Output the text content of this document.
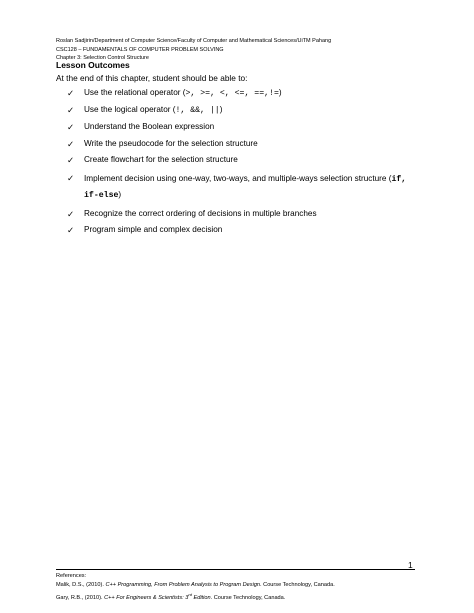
Roslan Sadjirin/Department of Computer Science/Faculty of Computer and Mathematical Sciences/UiTM Pahang
CSC128 – FUNDAMENTALS OF COMPUTER PROBLEM SOLVING
Chapter 3: Selection Control Structure
Lesson Outcomes
At the end of this chapter, student should be able to:
✓ Use the relational operator (>, >=, <, <=, ==,!=)
✓ Use the logical operator (!, &&, ||)
✓ Understand the Boolean expression
✓ Write the pseudocode for the selection structure
✓ Create flowchart for the selection structure
✓ Implement decision using one-way, two-ways, and multiple-ways selection structure (if, if-else)
✓ Recognize the correct ordering of decisions in multiple branches
✓ Program simple and complex decision
1
References:
Malik, D.S., (2010). C++ Programming, From Problem Analysis to Program Design. Course Technology, Canada.
Gary, R.B., (2010). C++ For Engineers & Scientists: 3rd Edition. Course Technology, Canada.
